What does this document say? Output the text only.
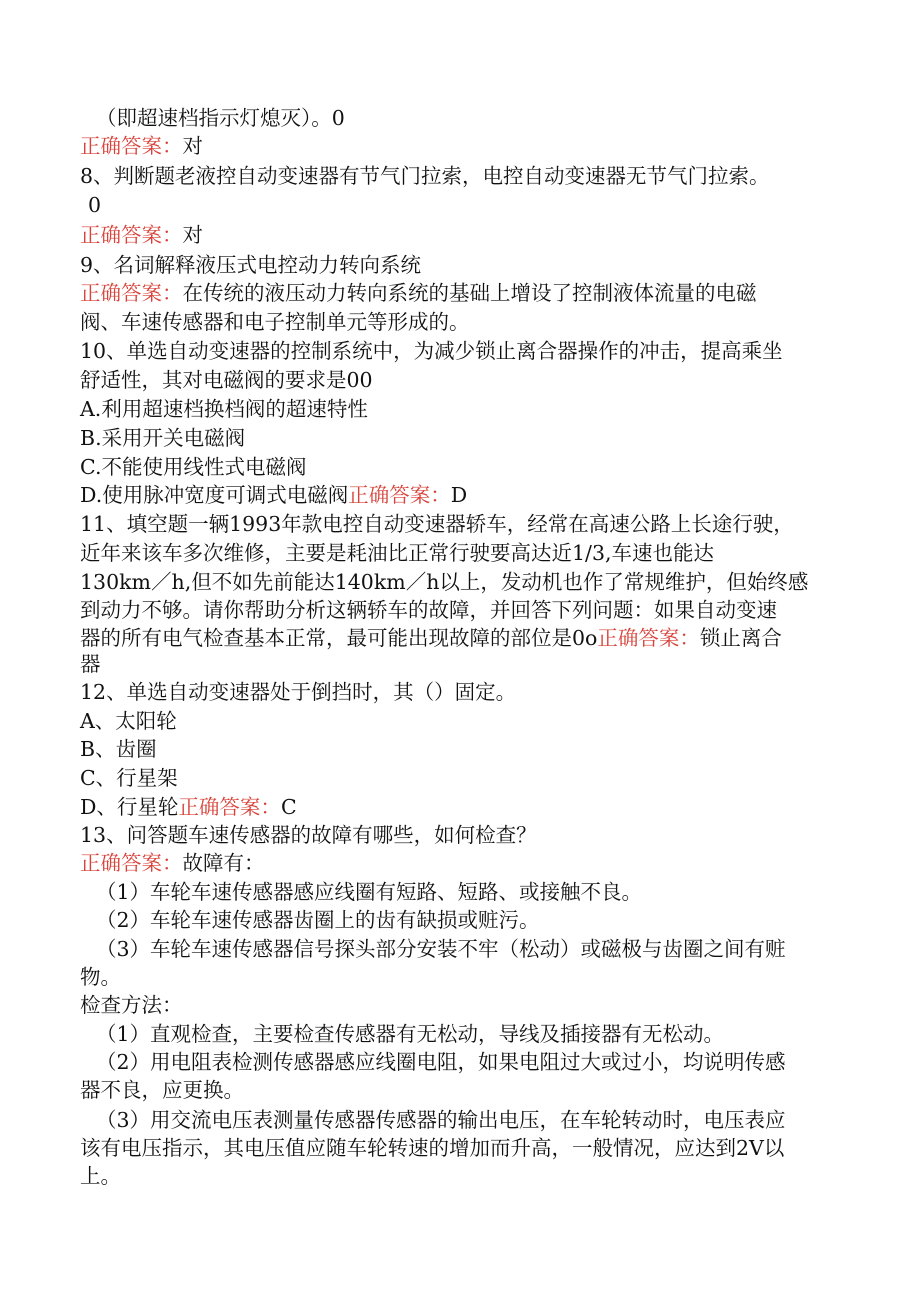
（即超速档指示灯熄灭）。0
正确答案：对
8、判断题老液控自动变速器有节气门拉索，电控自动变速器无节气门拉索。
0
正确答案：对
9、名词解释液压式电控动力转向系统
正确答案：在传统的液压动力转向系统的基础上增设了控制液体流量的电磁
阀、车速传感器和电子控制单元等形成的。
10、单选自动变速器的控制系统中，为减少锁止离合器操作的冲击，提高乘坐
舒适性，其对电磁阀的要求是00
A.利用超速档换档阀的超速特性
B.采用开关电磁阀
C.不能使用线性式电磁阀
D.使用脉冲宽度可调式电磁阀正确答案：D
11、填空题一辆1993年款电控自动变速器轿车，经常在高速公路上长途行驶，
近年来该车多次维修，主要是耗油比正常行驶要高达近1/3,车速也能达
130km／h,但不如先前能达140km／h以上，发动机也作了常规维护，但始终感
到动力不够。请你帮助分析这辆轿车的故障，并回答下列问题：如果自动变速
器的所有电气检查基本正常，最可能出现故障的部位是0o正确答案：锁止离合
器
12、单选自动变速器处于倒挡时，其（）固定。
A、太阳轮
B、齿圈
C、行星架
D、行星轮正确答案：C
13、问答题车速传感器的故障有哪些，如何检查？
正确答案：故障有：
（1）车轮车速传感器感应线圈有短路、短路、或接触不良。
（2）车轮车速传感器齿圈上的齿有缺损或赃污。
（3）车轮车速传感器信号探头部分安装不牢（松动）或磁极与齿圈之间有赃
物。
检查方法：
（1）直观检查，主要检查传感器有无松动，导线及插接器有无松动。
（2）用电阻表检测传感器感应线圈电阻，如果电阻过大或过小，均说明传感
器不良，应更换。
（3）用交流电压表测量传感器传感器的输出电压，在车轮转动时，电压表应
该有电压指示，其电压值应随车轮转速的增加而升高，一般情况，应达到2V以
上。
